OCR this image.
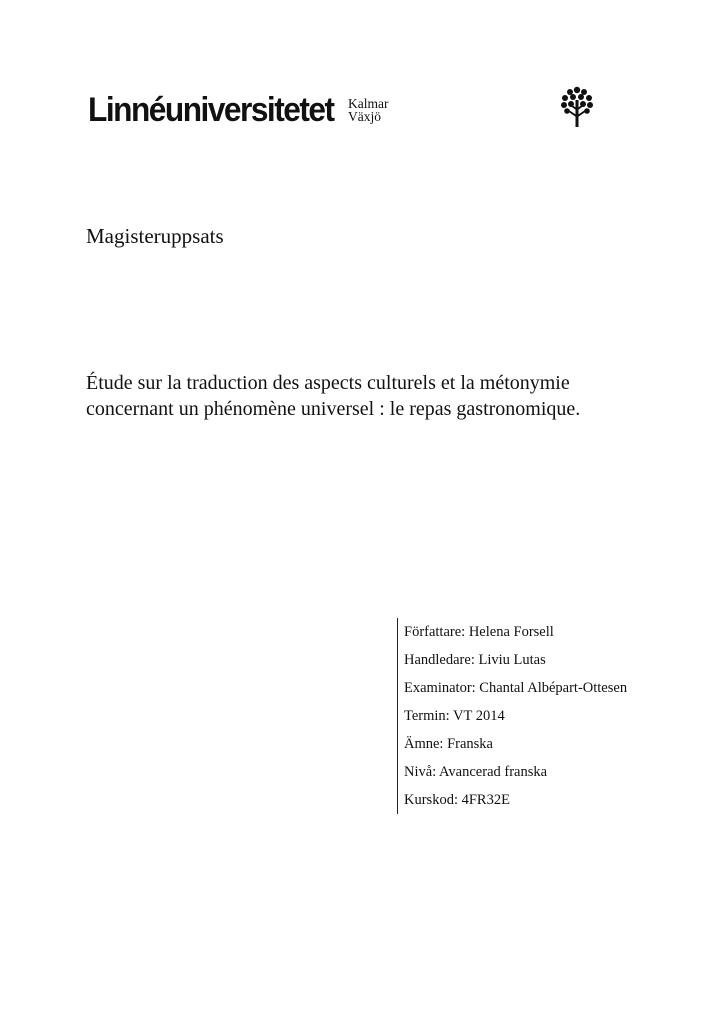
Linnéuniversitetet Kalmar
Växjö
Magisteruppsats
Étude sur la traduction des aspects culturels et la métonymie
concernant un phénomène universel : le repas gastronomique.
Författare: Helena Forsell
Handledare: Liviu Lutas
Examinator: Chantal Albépart-Ottesen
Termin: VT 2014
Ämne: Franska
Nivå: Avancerad franska
Kurskod: 4FR32E
